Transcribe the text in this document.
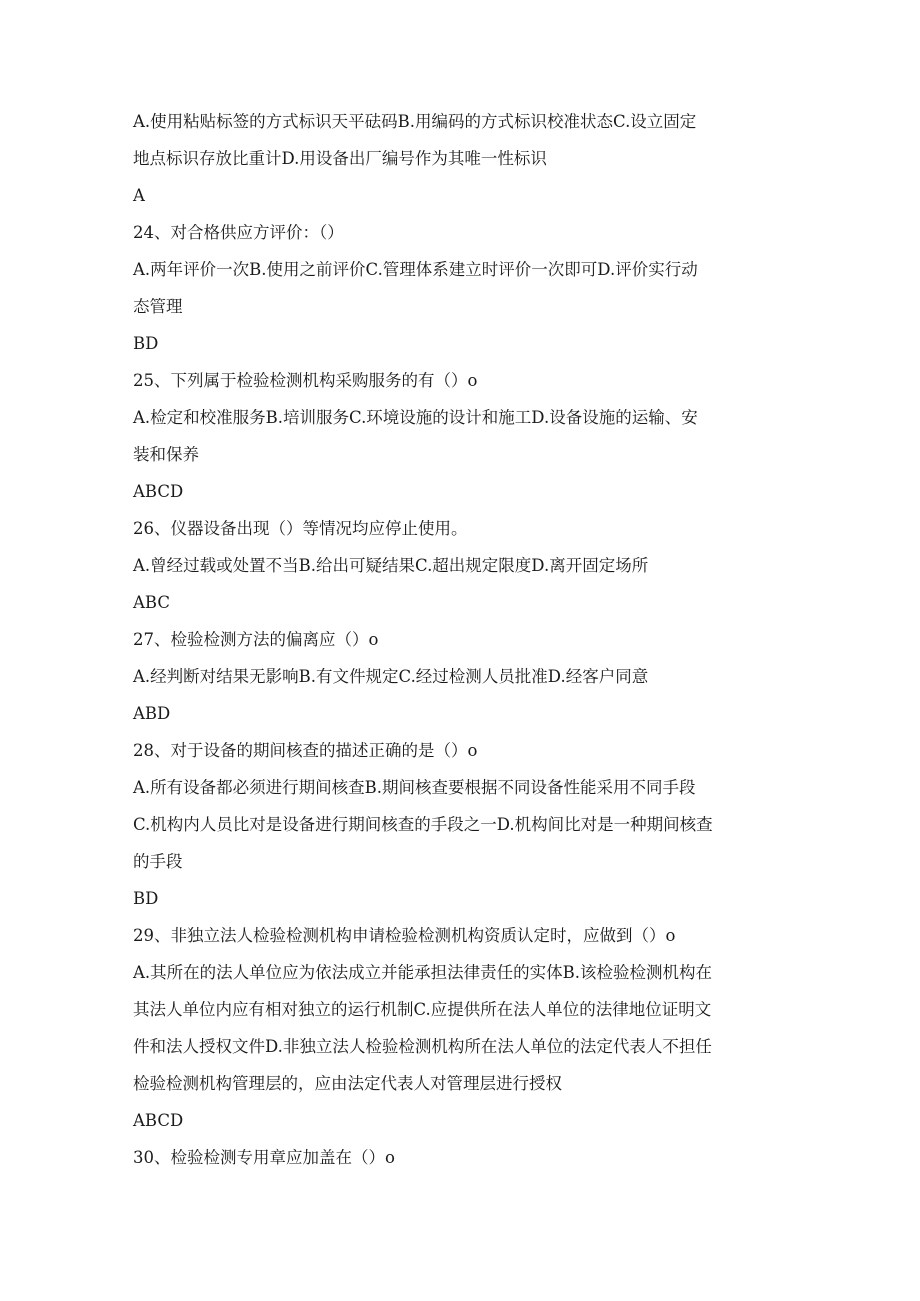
A.使用粘贴标签的方式标识天平砝码B.用编码的方式标识校准状态C.设立固定
地点标识存放比重计D.用设备出厂编号作为其唯一性标识
A
24、对合格供应方评价：（）
A.两年评价一次B.使用之前评价C.管理体系建立时评价一次即可D.评价实行动
态管理
BD
25、下列属于检验检测机构采购服务的有（）o
A.检定和校准服务B.培训服务C.环境设施的设计和施工D.设备设施的运输、安
装和保养
ABCD
26、仪器设备出现（）等情况均应停止使用。
A.曾经过载或处置不当B.给出可疑结果C.超出规定限度D.离开固定场所
ABC
27、检验检测方法的偏离应（）o
A.经判断对结果无影响B.有文件规定C.经过检测人员批准D.经客户同意
ABD
28、对于设备的期间核查的描述正确的是（）o
A.所有设备都必须进行期间核查B.期间核查要根据不同设备性能采用不同手段
C.机构内人员比对是设备进行期间核查的手段之一D.机构间比对是一种期间核查
的手段
BD
29、非独立法人检验检测机构申请检验检测机构资质认定时，应做到（）o
A.其所在的法人单位应为依法成立并能承担法律责任的实体B.该检验检测机构在
其法人单位内应有相对独立的运行机制C.应提供所在法人单位的法律地位证明文
件和法人授权文件D.非独立法人检验检测机构所在法人单位的法定代表人不担任
检验检测机构管理层的，应由法定代表人对管理层进行授权
ABCD
30、检验检测专用章应加盖在（）o
